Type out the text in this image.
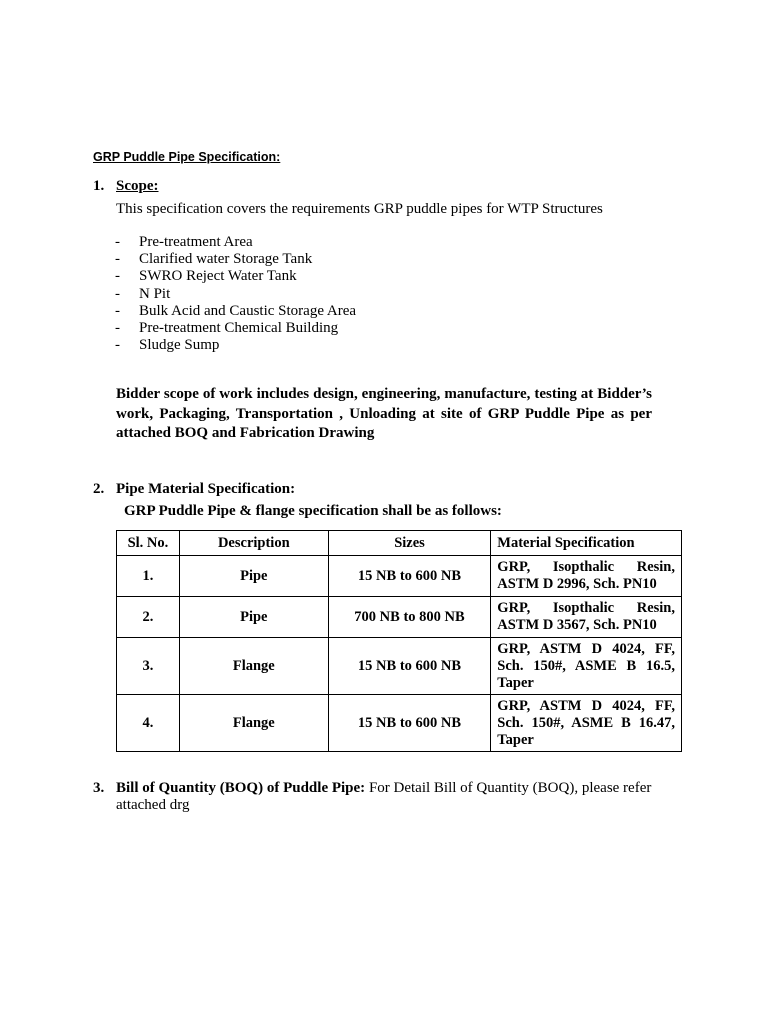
GRP Puddle Pipe Specification:
1. Scope:
This specification covers the requirements GRP puddle pipes for WTP Structures
- Pre-treatment Area
- Clarified water Storage Tank
- SWRO Reject Water Tank
- N Pit
- Bulk Acid and Caustic Storage Area
- Pre-treatment Chemical Building
- Sludge Sump
Bidder scope of work includes design, engineering, manufacture, testing at Bidder’s work, Packaging, Transportation , Unloading at site of GRP Puddle Pipe as per attached BOQ and Fabrication Drawing
2. Pipe Material Specification:
GRP Puddle Pipe & flange specification shall be as follows:
Sl. No.	Description	Sizes	Material Specification
1.	Pipe	15 NB to 600 NB	GRP, Isopthalic Resin, ASTM D 2996, Sch. PN10
2.	Pipe	700 NB to 800 NB	GRP, Isopthalic Resin, ASTM D 3567, Sch. PN10
3.	Flange	15 NB to 600 NB	GRP, ASTM D 4024, FF, Sch. 150#, ASME B 16.5, Taper
4.	Flange	15 NB to 600 NB	GRP, ASTM D 4024, FF, Sch. 150#, ASME B 16.47, Taper
3. Bill of Quantity (BOQ) of Puddle Pipe: For Detail Bill of Quantity (BOQ), please refer attached drg
